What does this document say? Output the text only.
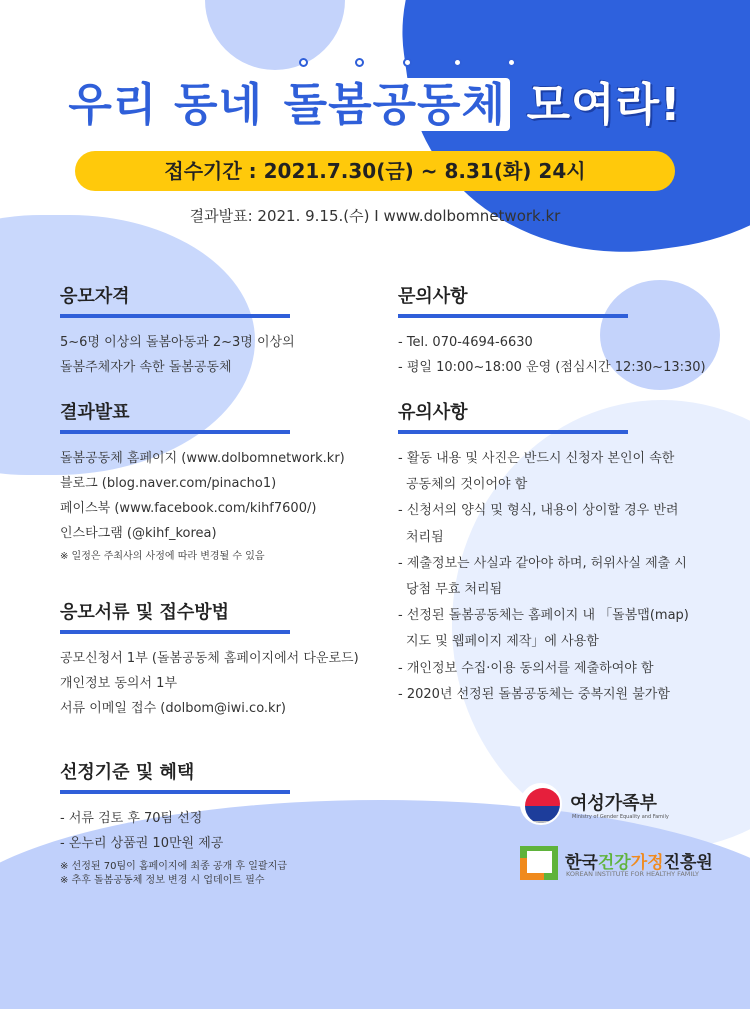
우리 동네 돌봄공동체 모여라!
접수기간 : 2021.7.30(금) ~ 8.31(화) 24시
결과발표: 2021. 9.15.(수) I www.dolbomnetwork.kr
응모자격
5~6명 이상의 돌봄아동과 2~3명 이상의
돌봄주체자가 속한 돌봄공동체
결과발표
돌봄공동체 홈페이지 (www.dolbomnetwork.kr)
블로그 (blog.naver.com/pinacho1)
페이스북 (www.facebook.com/kihf7600/)
인스타그램 (@kihf_korea)
※ 일정은 주최사의 사정에 따라 변경될 수 있음
응모서류 및 접수방법
공모신청서 1부 (돌봄공동체 홈페이지에서 다운로드)
개인정보 동의서 1부
서류 이메일 접수 (dolbom@iwi.co.kr)
선정기준 및 혜택
- 서류 검토 후 70팀 선정
- 온누리 상품권 10만원 제공
※ 선정된 70팀이 홈페이지에 최종 공개 후 일괄지급
※ 추후 돌봄공동체 정보 변경 시 업데이트 필수
문의사항
- Tel. 070-4694-6630
- 평일 10:00~18:00 운영 (점심시간 12:30~13:30)
유의사항
- 활동 내용 및 사진은 반드시 신청자 본인이 속한
공동체의 것이어야 함
- 신청서의 양식 및 형식, 내용이 상이할 경우 반려
처리됨
- 제출정보는 사실과 같아야 하며, 허위사실 제출 시
당첨 무효 처리됨
- 선정된 돌봄공동체는 홈페이지 내 「돌봄맵(map)
지도 및 웹페이지 제작」에 사용함
- 개인정보 수집·이용 동의서를 제출하여야 함
- 2020년 선정된 돌봄공동체는 중복지원 불가함
여성가족부
Ministry of Gender Equality and Family
한국건강가정진흥원
KOREAN INSTITUTE FOR HEALTHY FAMILY
